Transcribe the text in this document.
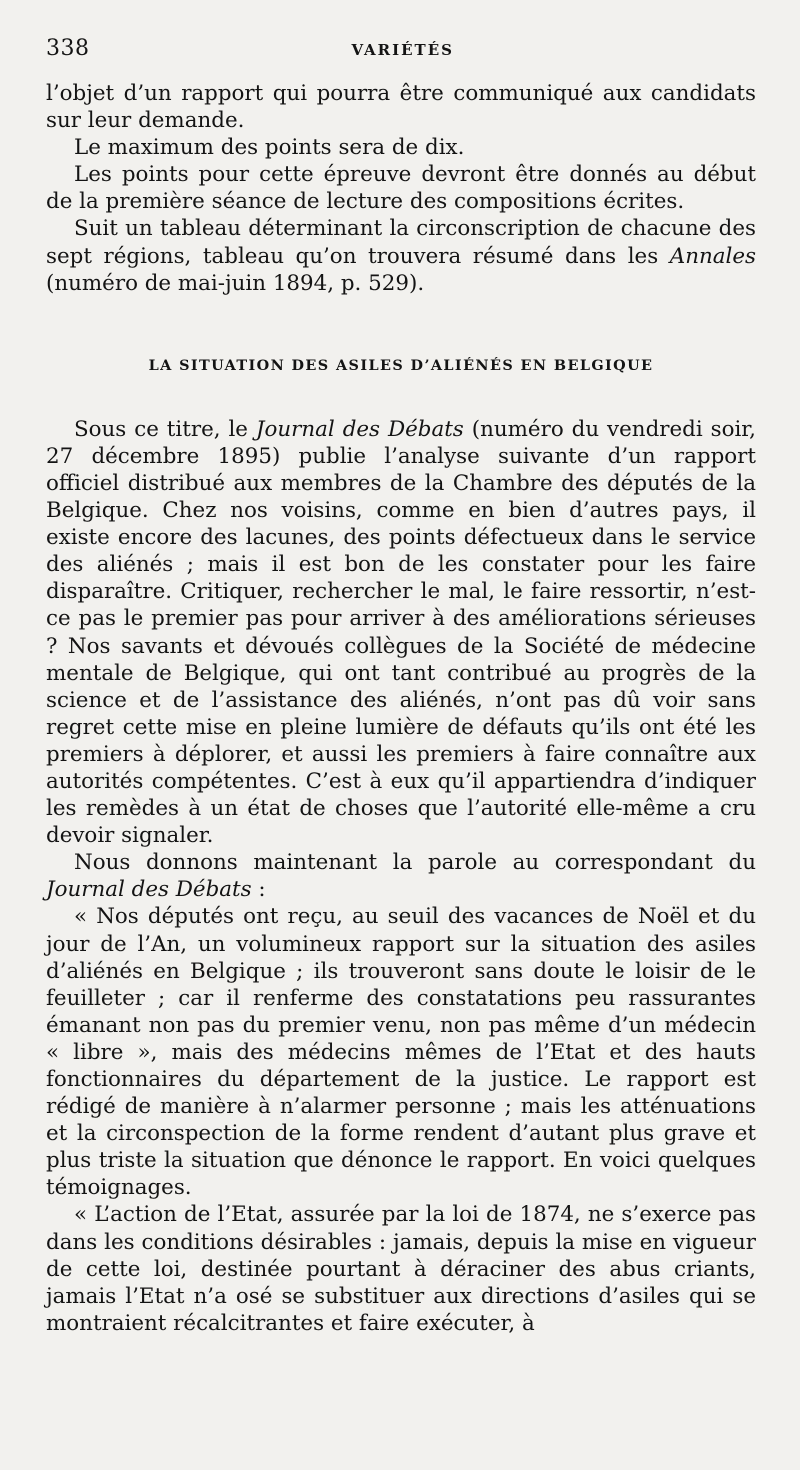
338	VARIÉTÉS

l’objet d’un rapport qui pourra être communiqué aux candidats sur leur demande.

Le maximum des points sera de dix.

Les points pour cette épreuve devront être donnés au début de la première séance de lecture des compositions écrites.

Suit un tableau déterminant la circonscription de chacune des sept régions, tableau qu’on trouvera résumé dans les Annales (numéro de mai-juin 1894, p. 529).

LA SITUATION DES ASILES D’ALIÉNÉS EN BELGIQUE

Sous ce titre, le Journal des Débats (numéro du vendredi soir, 27 décembre 1895) publie l’analyse suivante d’un rapport officiel distribué aux membres de la Chambre des députés de la Belgique. Chez nos voisins, comme en bien d’autres pays, il existe encore des lacunes, des points défectueux dans le service des aliénés ; mais il est bon de les constater pour les faire disparaître. Critiquer, rechercher le mal, le faire ressortir, n’est-ce pas le premier pas pour arriver à des améliorations sérieuses ? Nos savants et dévoués collègues de la Société de médecine mentale de Belgique, qui ont tant contribué au progrès de la science et de l’assistance des aliénés, n’ont pas dû voir sans regret cette mise en pleine lumière de défauts qu’ils ont été les premiers à déplorer, et aussi les premiers à faire connaître aux autorités compétentes. C’est à eux qu’il appartiendra d’indiquer les remèdes à un état de choses que l’autorité elle-même a cru devoir signaler.

Nous donnons maintenant la parole au correspondant du Journal des Débats :

« Nos députés ont reçu, au seuil des vacances de Noël et du jour de l’An, un volumineux rapport sur la situation des asiles d’aliénés en Belgique ; ils trouveront sans doute le loisir de le feuilleter ; car il renferme des constatations peu rassurantes émanant non pas du premier venu, non pas même d’un médecin « libre », mais des médecins mêmes de l’Etat et des hauts fonctionnaires du département de la justice. Le rapport est rédigé de manière à n’alarmer personne ; mais les atténuations et la circonspection de la forme rendent d’autant plus grave et plus triste la situation que dénonce le rapport. En voici quelques témoignages.

« L’action de l’Etat, assurée par la loi de 1874, ne s’exerce pas dans les conditions désirables : jamais, depuis la mise en vigueur de cette loi, destinée pourtant à déraciner des abus criants, jamais l’Etat n’a osé se substituer aux directions d’asiles qui se montraient récalcitrantes et faire exécuter, à
